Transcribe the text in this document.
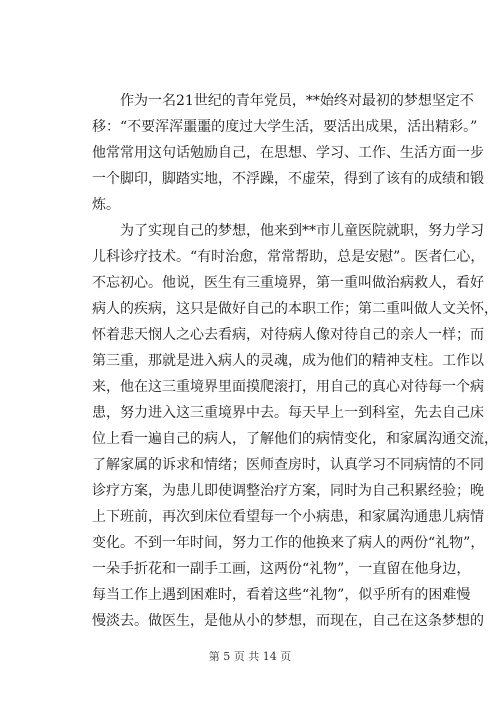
作为一名21世纪的青年党员，**始终对最初的梦想坚定不
移：“不要浑浑噩噩的度过大学生活，要活出成果，活出精彩。”
他常常用这句话勉励自己，在思想、学习、工作、生活方面一步
一个脚印，脚踏实地，不浮躁，不虚荣，得到了该有的成绩和锻
炼。
为了实现自己的梦想，他来到**市儿童医院就职，努力学习
儿科诊疗技术。“有时治愈，常常帮助，总是安慰”。医者仁心，
不忘初心。他说，医生有三重境界，第一重叫做治病救人，看好
病人的疾病，这只是做好自己的本职工作；第二重叫做人文关怀，
怀着悲天悯人之心去看病，对待病人像对待自己的亲人一样；而
第三重，那就是进入病人的灵魂，成为他们的精神支柱。工作以
来，他在这三重境界里面摸爬滚打，用自己的真心对待每一个病
患，努力进入这三重境界中去。每天早上一到科室，先去自己床
位上看一遍自己的病人，了解他们的病情变化，和家属沟通交流，
了解家属的诉求和情绪；医师查房时，认真学习不同病情的不同
诊疗方案，为患儿即使调整治疗方案，同时为自己积累经验；晚
上下班前，再次到床位看望每一个小病患，和家属沟通患儿病情
变化。不到一年时间，努力工作的他换来了病人的两份“礼物”，
一朵手折花和一副手工画，这两份“礼物”，一直留在他身边，
每当工作上遇到困难时，看着这些“礼物”，似乎所有的困难慢
慢淡去。做医生，是他从小的梦想，而现在，自己在这条梦想的
第 5 页 共 14 页
